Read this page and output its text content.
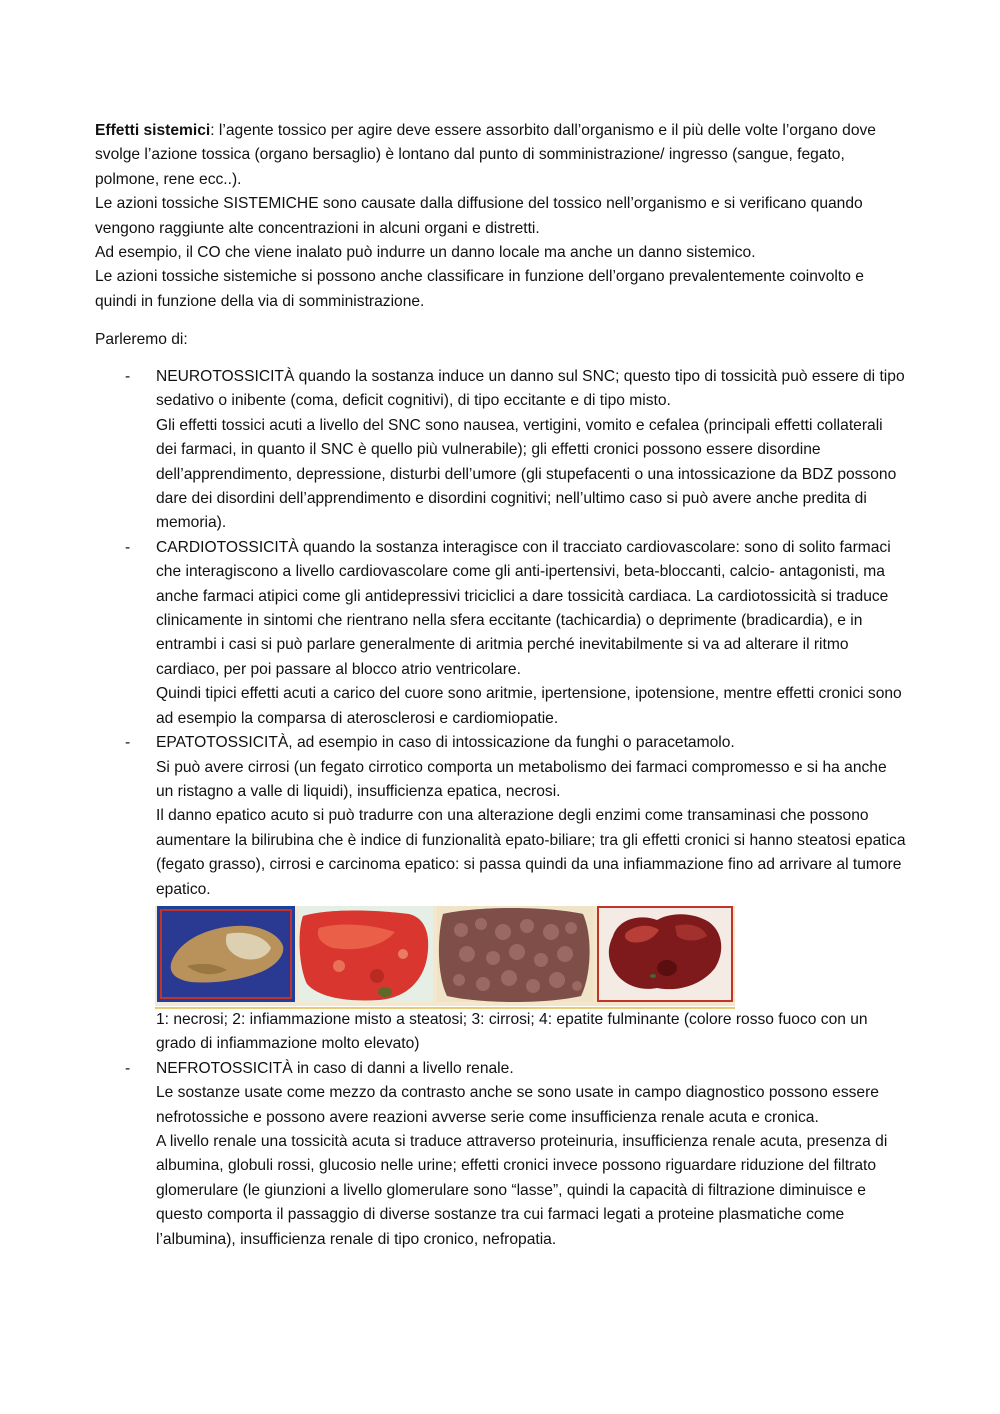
Effetti sistemici: l’agente tossico per agire deve essere assorbito dall’organismo e il più delle volte l’organo dove svolge l’azione tossica (organo bersaglio) è lontano dal punto di somministrazione/ ingresso (sangue, fegato, polmone, rene ecc..).

Le azioni tossiche SISTEMICHE sono causate dalla diffusione del tossico nell’organismo e si verificano quando vengono raggiunte alte concentrazioni in alcuni organi e distretti.

Ad esempio, il CO che viene inalato può indurre un danno locale ma anche un danno sistemico.

Le azioni tossiche sistemiche si possono anche classificare in funzione dell’organo prevalentemente coinvolto e quindi in funzione della via di somministrazione.

Parleremo di:
- NEUROTOSSICITÀ quando la sostanza induce un danno sul SNC; questo tipo di tossicità può essere di tipo sedativo o inibente (coma, deficit cognitivi), di tipo eccitante e di tipo misto.

Gli effetti tossici acuti a livello del SNC sono nausea, vertigini, vomito e cefalea (principali effetti collaterali dei farmaci, in quanto il SNC è quello più vulnerabile); gli effetti cronici possono essere disordine dell’apprendimento, depressione, disturbi dell’umore (gli stupefacenti o una intossicazione da BDZ possono dare dei disordini dell’apprendimento e disordini cognitivi; nell’ultimo caso si può avere anche predita di memoria).

- CARDIOTOSSICITÀ quando la sostanza interagisce con il tracciato cardiovascolare: sono di solito farmaci che interagiscono a livello cardiovascolare come gli anti-ipertensivi, beta-bloccanti, calcio- antagonisti, ma anche farmaci atipici come gli antidepressivi triciclici a dare tossicità cardiaca. La cardiotossicità si traduce clinicamente in sintomi che rientrano nella sfera eccitante (tachicardia) o deprimente (bradicardia), e in entrambi i casi si può parlare generalmente di aritmia perché inevitabilmente si va ad alterare il ritmo cardiaco, per poi passare al blocco atrio ventricolare.

Quindi tipici effetti acuti a carico del cuore sono aritmie, ipertensione, ipotensione, mentre effetti cronici sono ad esempio la comparsa di aterosclerosi e cardiomiopatie.

- EPATOTOSSICITÀ, ad esempio in caso di intossicazione da funghi o paracetamolo.

Si può avere cirrosi (un fegato cirrotico comporta un metabolismo dei farmaci compromesso e si ha anche un ristagno a valle di liquidi), insufficienza epatica, necrosi.

Il danno epatico acuto si può tradurre con una alterazione degli enzimi come transaminasi che possono aumentare la bilirubina che è indice di funzionalità epato-biliare; tra gli effetti cronici si hanno steatosi epatica (fegato grasso), cirrosi e carcinoma epatico: si passa quindi da una infiammazione fino ad arrivare al tumore epatico.

1: necrosi; 2: infiammazione misto a steatosi; 3: cirrosi; 4: epatite fulminante (colore rosso fuoco con un grado di infiammazione molto elevato)

- NEFROTOSSICITÀ in caso di danni a livello renale.

Le sostanze usate come mezzo da contrasto anche se sono usate in campo diagnostico possono essere nefrotossiche e possono avere reazioni avverse serie come insufficienza renale acuta e cronica.

A livello renale una tossicità acuta si traduce attraverso proteinuria, insufficienza renale acuta, presenza di albumina, globuli rossi, glucosio nelle urine; effetti cronici invece possono riguardare riduzione del filtrato glomerulare (le giunzioni a livello glomerulare sono “lasse”, quindi la capacità di filtrazione diminuisce e questo comporta il passaggio di diverse sostanze tra cui farmaci legati a proteine plasmatiche come l’albumina), insufficienza renale di tipo cronico, nefropatia.
